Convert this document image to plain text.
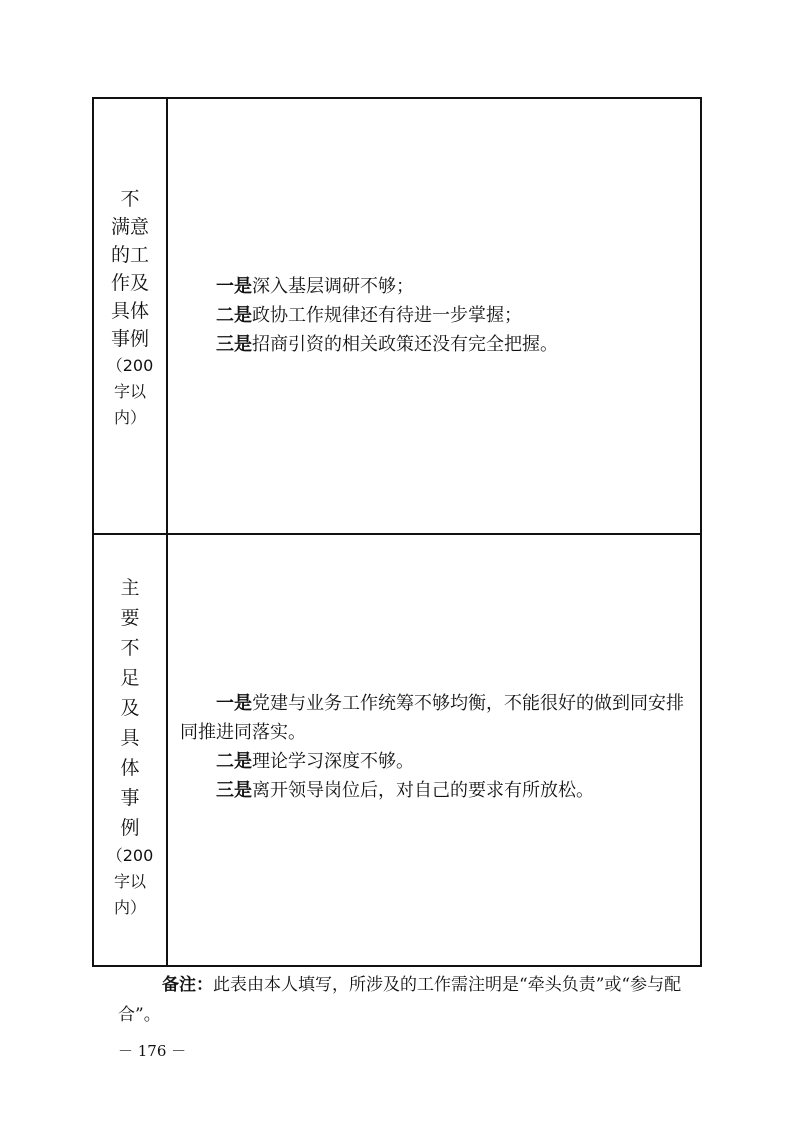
不
满意
的工
作及
具体
事例
（200
字以
内）

一是深入基层调研不够；

二是政协工作规律还有待进一步掌握；

三是招商引资的相关政策还没有完全把握。

主
要
不
足
及
具
体
事
例
（200
字以
内）

一是党建与业务工作统筹不够均衡，不能很好的做到同安排同推进同落实。

二是理论学习深度不够。

三是离开领导岗位后，对自己的要求有所放松。

备注：此表由本人填写，所涉及的工作需注明是“牵头负责”或“参与配合”。
－ 176 －
